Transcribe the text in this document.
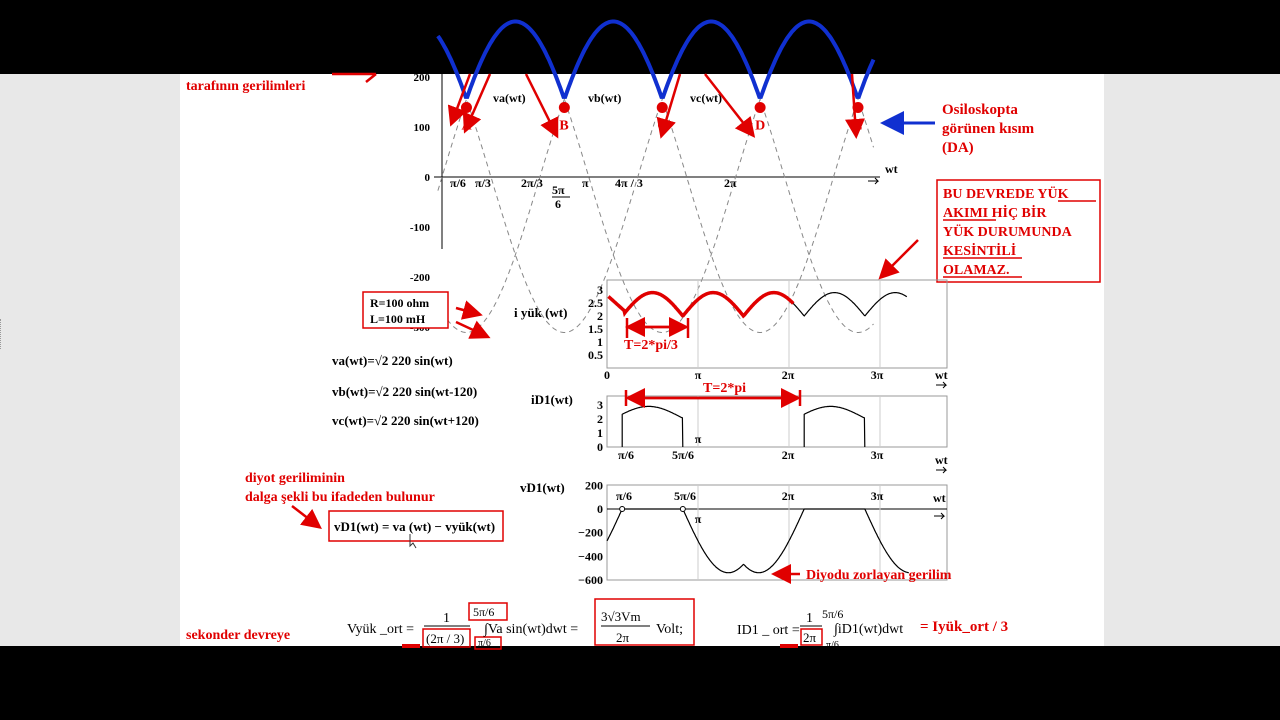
300
200
100
0
-100
-200
A	B	C	D	E
π/6 π/3	2π/3 5π
6
π 4π / 3	2π
wt
va(wt)	vb(wt)	vc(wt)
tarafının gerilimleri
Osiloskopta
görünen kısım
(DA)
BU DEVREDE YÜK
AKIMI HİÇ BİR
YÜK DURUMUNDA
KESİNTİLİ
OLAMAZ.
R=100 ohm
L=100 mH
va(wt)=√2 220 sin(wt)
vb(wt)=√2 220 sin(wt-120)
vc(wt)=√2 220 sin(wt+120)
3
2.5
2
1.5
1
0.5
0	π	2π	3π
i yük (wt)
wt
T=2*pi/3
3
2
1
0
π/6	5π/6
π
2π	3π
iD1(wt)
wt
T=2*pi
200
0
−200
−400
−600
π/6	5π/6
π
2π	3π
vD1(wt)
wt
Diyodu zorlayan gerilim
diyot geriliminin
dalga şekli bu ifadeden bulunur
vD1(wt) = va (wt) − vyük(wt)
sekonder devreye	Vyük _ort =
1
(2π / 3)
5π/6
π/6
∫Va sin(wt)dwt =
3√3Vm
2π
Volt;	ID1 _ ort =
1
2π
5π/6
π/6
∫iD1(wt)dwt = Iyük_ort / 3
